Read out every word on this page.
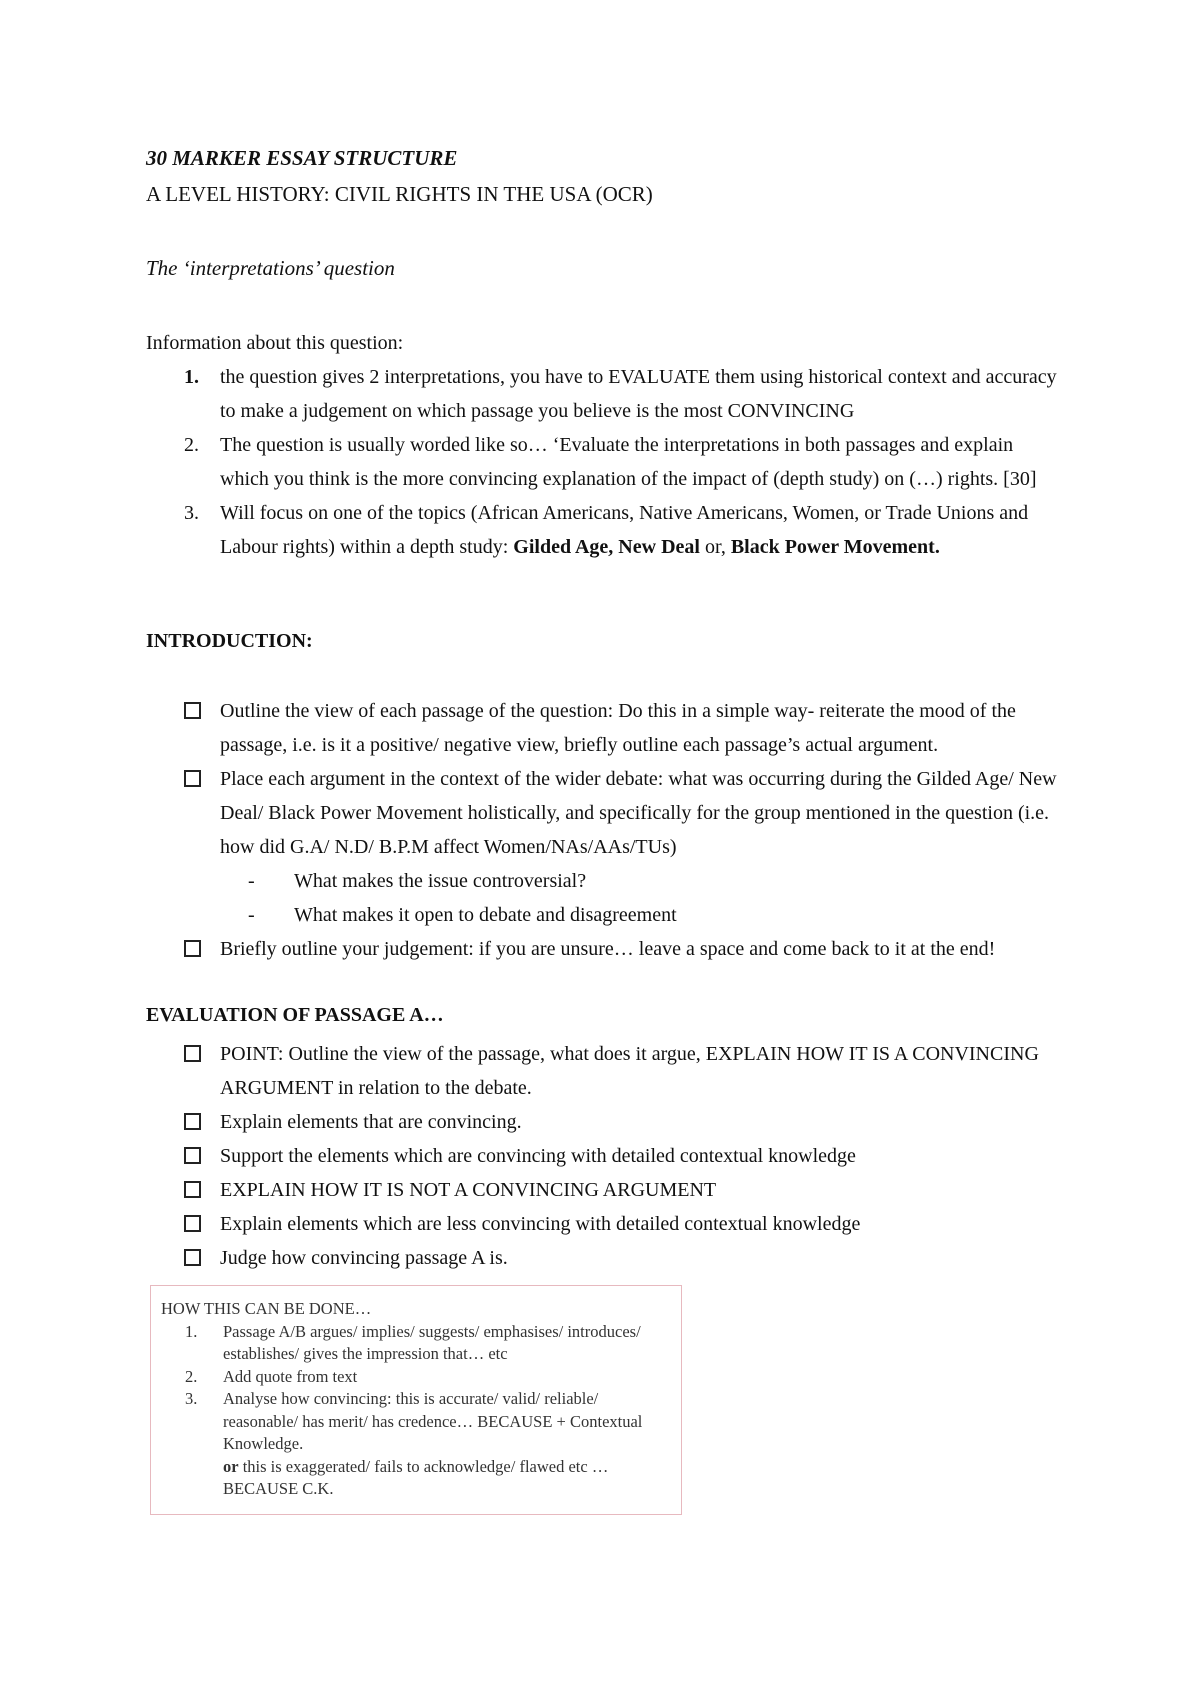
30 MARKER ESSAY STRUCTURE
A LEVEL HISTORY: CIVIL RIGHTS IN THE USA (OCR)
The ‘interpretations’ question
Information about this question:
1. the question gives 2 interpretations, you have to EVALUATE them using historical context and accuracy to make a judgement on which passage you believe is the most CONVINCING
2. The question is usually worded like so… ‘Evaluate the interpretations in both passages and explain which you think is the more convincing explanation of the impact of (depth study) on (…) rights. [30]
3. Will focus on one of the topics (African Americans, Native Americans, Women, or Trade Unions and Labour rights) within a depth study: Gilded Age, New Deal or, Black Power Movement.
INTRODUCTION:
Outline the view of each passage of the question: Do this in a simple way- reiterate the mood of the passage, i.e. is it a positive/ negative view, briefly outline each passage’s actual argument.
Place each argument in the context of the wider debate: what was occurring during the Gilded Age/ New Deal/ Black Power Movement holistically, and specifically for the group mentioned in the question (i.e. how did G.A/ N.D/ B.P.M affect Women/NAs/AAs/TUs)
- What makes the issue controversial?
- What makes it open to debate and disagreement
Briefly outline your judgement: if you are unsure… leave a space and come back to it at the end!
EVALUATION OF PASSAGE A…
POINT: Outline the view of the passage, what does it argue, EXPLAIN HOW IT IS A CONVINCING ARGUMENT in relation to the debate.
Explain elements that are convincing.
Support the elements which are convincing with detailed contextual knowledge
EXPLAIN HOW IT IS NOT A CONVINCING ARGUMENT
Explain elements which are less convincing with detailed contextual knowledge
Judge how convincing passage A is.
HOW THIS CAN BE DONE…
1. Passage A/B argues/ implies/ suggests/ emphasises/ introduces/ establishes/ gives the impression that… etc
2. Add quote from text
3. Analyse how convincing: this is accurate/ valid/ reliable/ reasonable/ has merit/ has credence… BECAUSE + Contextual Knowledge.
or this is exaggerated/ fails to acknowledge/ flawed etc … BECAUSE C.K.
